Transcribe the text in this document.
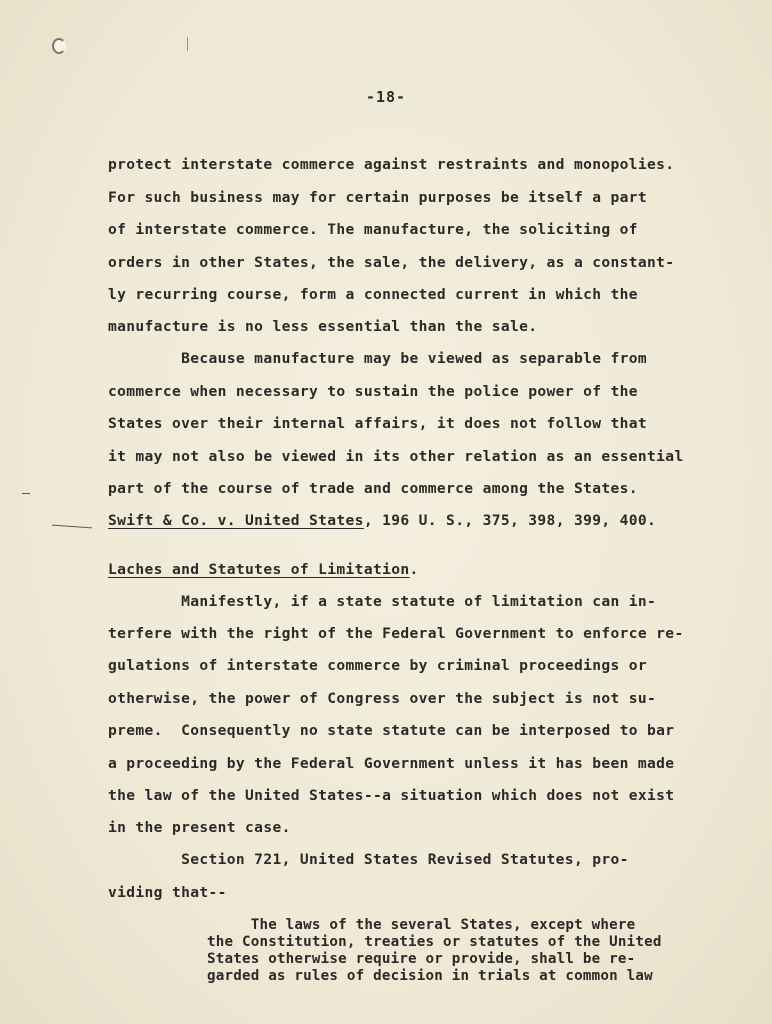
-18-
protect interstate commerce against restraints and monopolies.
For such business may for certain purposes be itself a part
of interstate commerce. The manufacture, the soliciting of
orders in other States, the sale, the delivery, as a constant-
ly recurring course, form a connected current in which the
manufacture is no less essential than the sale.
Because manufacture may be viewed as separable from
commerce when necessary to sustain the police power of the
States over their internal affairs, it does not follow that
it may not also be viewed in its other relation as an essential
part of the course of trade and commerce among the States.
Swift & Co. v. United States, 196 U. S., 375, 398, 399, 400.
Laches and Statutes of Limitation.
Manifestly, if a state statute of limitation can in-
terfere with the right of the Federal Government to enforce re-
gulations of interstate commerce by criminal proceedings or
otherwise, the power of Congress over the subject is not su-
preme.  Consequently no state statute can be interposed to bar
a proceeding by the Federal Government unless it has been made
the law of the United States--a situation which does not exist
in the present case.
Section 721, United States Revised Statutes, pro-
viding that--
The laws of the several States, except where
the Constitution, treaties or statutes of the United
States otherwise require or provide, shall be re-
garded as rules of decision in trials at common law
